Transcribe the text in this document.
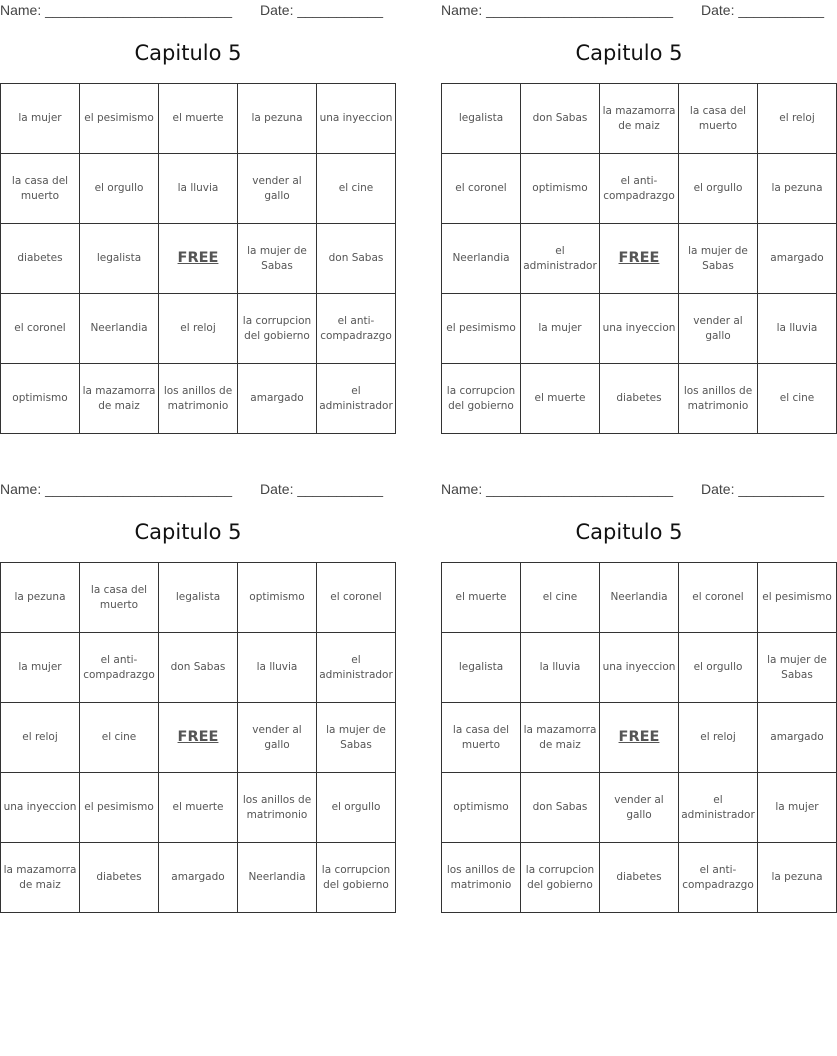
Name: ________________________ Date: ___________
Capitulo 5
la mujer	el pesimismo	el muerte	la pezuna	una inyeccion
la casa del muerto	el orgullo	la lluvia	vender al gallo	el cine
diabetes	legalista	FREE	la mujer de Sabas	don Sabas
el coronel	Neerlandia	el reloj	la corrupcion del gobierno	el anti-compadrazgo
optimismo	la mazamorra de maiz	los anillos de matrimonio	amargado	el administrador
Name: ________________________ Date: ___________
Capitulo 5
legalista	don Sabas	la mazamorra de maiz	la casa del muerto	el reloj
el coronel	optimismo	el anti-compadrazgo	el orgullo	la pezuna
Neerlandia	el administrador	FREE	la mujer de Sabas	amargado
el pesimismo	la mujer	una inyeccion	vender al gallo	la lluvia
la corrupcion del gobierno	el muerte	diabetes	los anillos de matrimonio	el cine
Name: ________________________ Date: ___________
Capitulo 5
la pezuna	la casa del muerto	legalista	optimismo	el coronel
la mujer	el anti-compadrazgo	don Sabas	la lluvia	el administrador
el reloj	el cine	FREE	vender al gallo	la mujer de Sabas
una inyeccion	el pesimismo	el muerte	los anillos de matrimonio	el orgullo
la mazamorra de maiz	diabetes	amargado	Neerlandia	la corrupcion del gobierno
Name: ________________________ Date: ___________
Capitulo 5
el muerte	el cine	Neerlandia	el coronel	el pesimismo
legalista	la lluvia	una inyeccion	el orgullo	la mujer de Sabas
la casa del muerto	la mazamorra de maiz	FREE	el reloj	amargado
optimismo	don Sabas	vender al gallo	el administrador	la mujer
los anillos de matrimonio	la corrupcion del gobierno	diabetes	el anti-compadrazgo	la pezuna
